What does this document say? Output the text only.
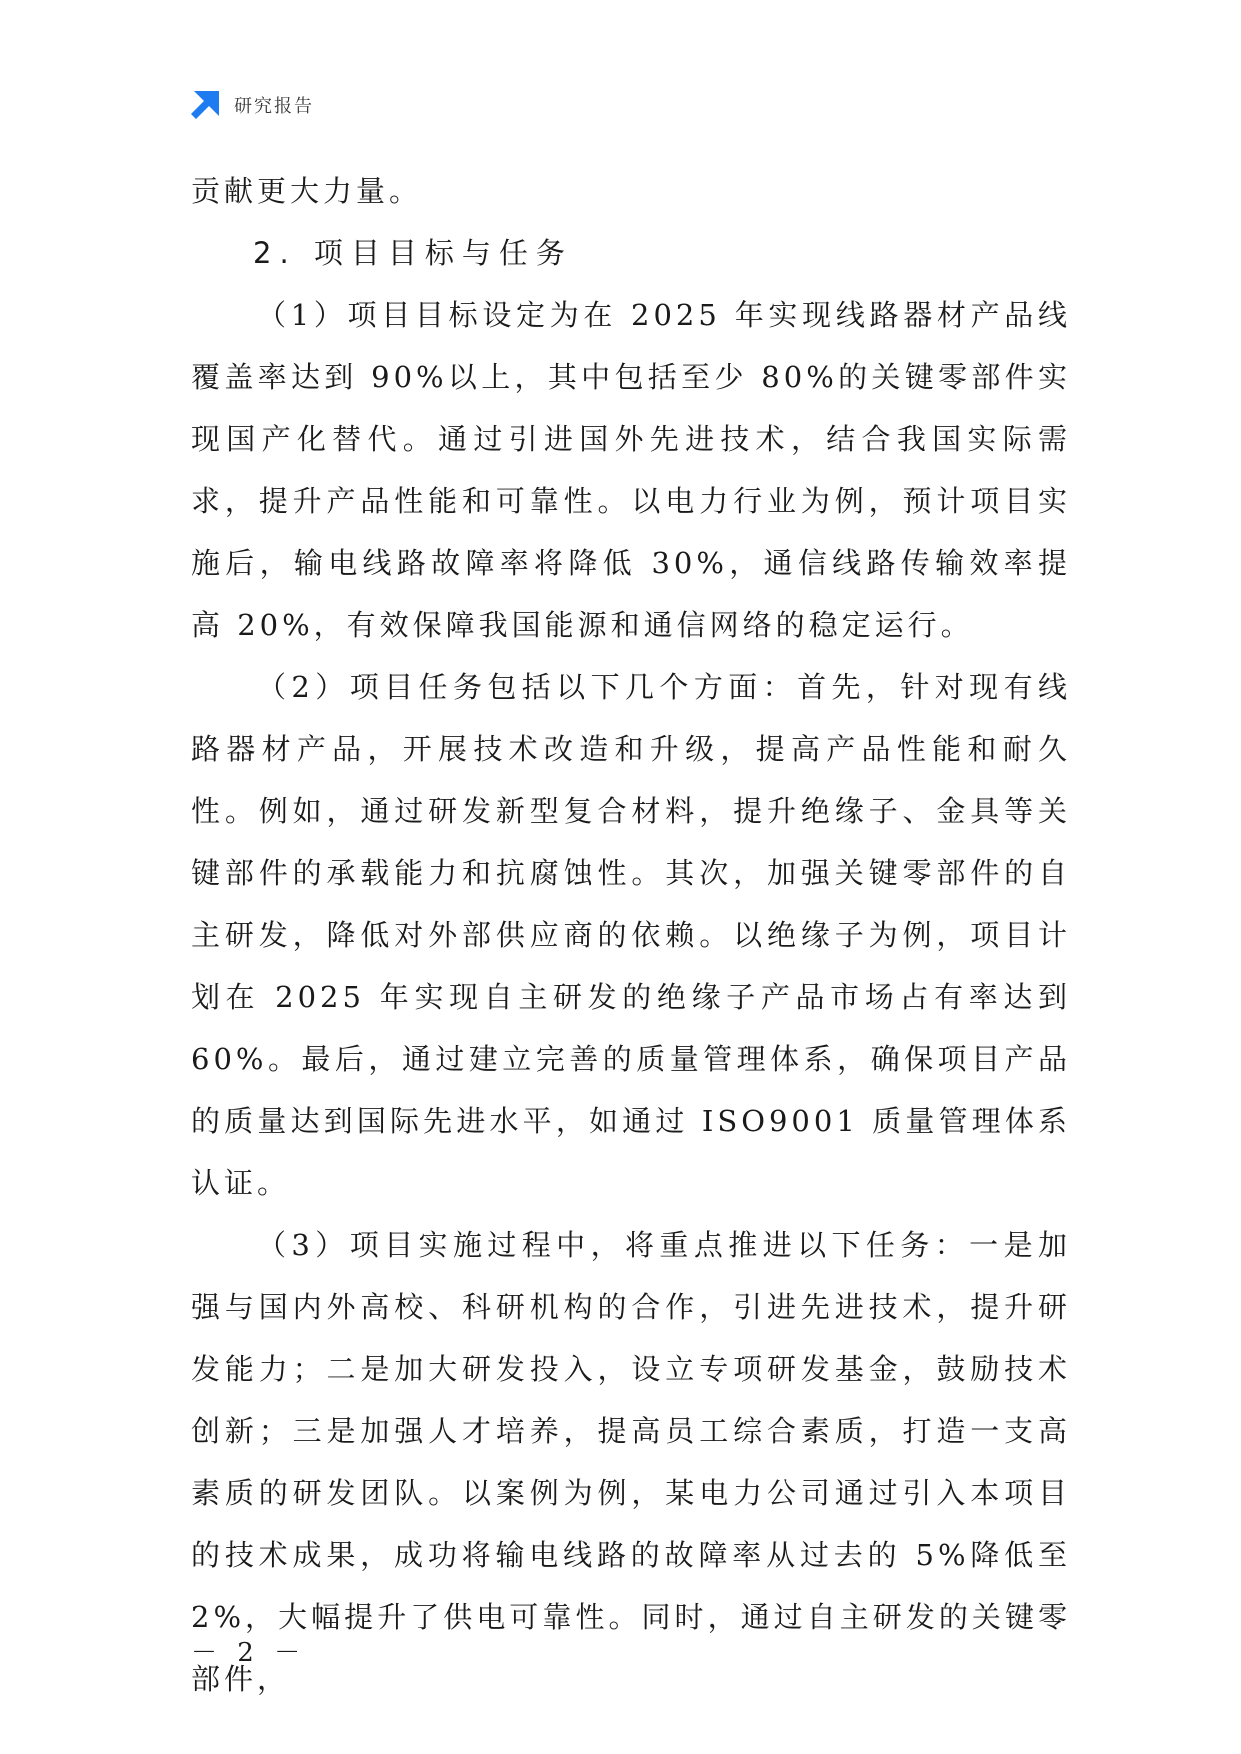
研究报告

贡献更大力量。

2. 项目目标与任务

（1）项目目标设定为在 2025 年实现线路器材产品线覆盖率达到 90%以上，其中包括至少 80%的关键零部件实现国产化替代。通过引进国外先进技术，结合我国实际需求，提升产品性能和可靠性。以电力行业为例，预计项目实施后，输电线路故障率将降低 30%，通信线路传输效率提高 20%，有效保障我国能源和通信网络的稳定运行。

（2）项目任务包括以下几个方面：首先，针对现有线路器材产品，开展技术改造和升级，提高产品性能和耐久性。例如，通过研发新型复合材料，提升绝缘子、金具等关键部件的承载能力和抗腐蚀性。其次，加强关键零部件的自主研发，降低对外部供应商的依赖。以绝缘子为例，项目计划在 2025 年实现自主研发的绝缘子产品市场占有率达到 60%。最后，通过建立完善的质量管理体系，确保项目产品的质量达到国际先进水平，如通过 ISO9001 质量管理体系认证。

（3）项目实施过程中，将重点推进以下任务：一是加强与国内外高校、科研机构的合作，引进先进技术，提升研发能力；二是加大研发投入，设立专项研发基金，鼓励技术创新；三是加强人才培养，提高员工综合素质，打造一支高素质的研发团队。以案例为例，某电力公司通过引入本项目的技术成果，成功将输电线路的故障率从过去的 5%降低至 2%，大幅提升了供电可靠性。同时，通过自主研发的关键零部件，

－ 2 －
